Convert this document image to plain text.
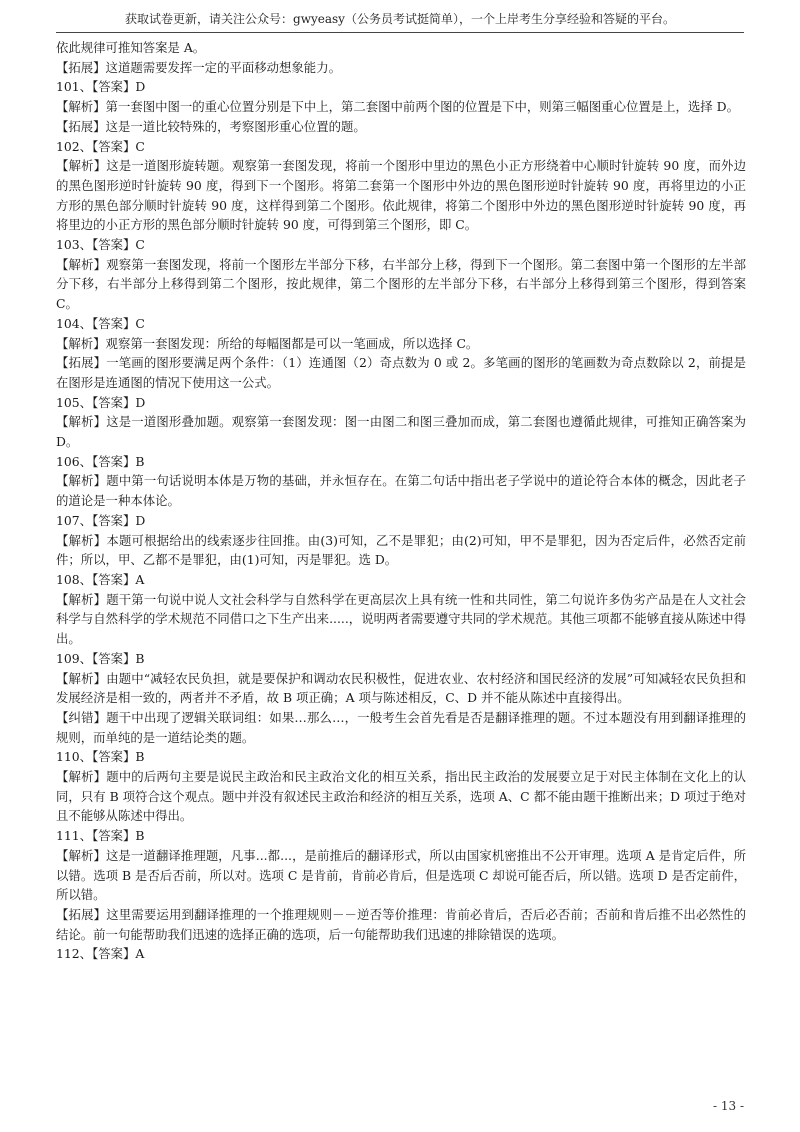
获取试卷更新，请关注公众号：gwyeasy（公务员考试挺简单），一个上岸考生分享经验和答疑的平台。

依此规律可推知答案是 A。

【拓展】这道题需要发挥一定的平面移动想象能力。

101、【答案】D

【解析】第一套图中图一的重心位置分别是下中上，第二套图中前两个图的位置是下中，则第三幅图重心位置是上，选择 D。

【拓展】这是一道比较特殊的，考察图形重心位置的题。

102、【答案】C

【解析】这是一道图形旋转题。观察第一套图发现，将前一个图形中里边的黑色小正方形绕着中心顺时针旋转 90 度，而外边的黑色图形逆时针旋转 90 度，得到下一个图形。将第二套第一个图形中外边的黑色图形逆时针旋转 90 度，再将里边的小正方形的黑色部分顺时针旋转 90 度，这样得到第二个图形。依此规律，将第二个图形中外边的黑色图形逆时针旋转 90 度，再将里边的小正方形的黑色部分顺时针旋转 90 度，可得到第三个图形，即 C。

103、【答案】C

【解析】观察第一套图发现，将前一个图形左半部分下移，右半部分上移，得到下一个图形。第二套图中第一个图形的左半部分下移，右半部分上移得到第二个图形，按此规律，第二个图形的左半部分下移，右半部分上移得到第三个图形，得到答案 C。

104、【答案】C

【解析】观察第一套图发现：所给的每幅图都是可以一笔画成，所以选择 C。

【拓展】一笔画的图形要满足两个条件：（1）连通图（2）奇点数为 0 或 2。多笔画的图形的笔画数为奇点数除以 2，前提是在图形是连通图的情况下使用这一公式。

105、【答案】D

【解析】这是一道图形叠加题。观察第一套图发现：图一由图二和图三叠加而成，第二套图也遵循此规律，可推知正确答案为 D。

106、【答案】B

【解析】题中第一句话说明本体是万物的基础，并永恒存在。在第二句话中指出老子学说中的道论符合本体的概念，因此老子的道论是一种本体论。

107、【答案】D

【解析】本题可根据给出的线索逐步往回推。由(3)可知，乙不是罪犯；由(2)可知，甲不是罪犯，因为否定后件，必然否定前件；所以，甲、乙都不是罪犯，由(1)可知，丙是罪犯。选 D。

108、【答案】A

【解析】题干第一句说中说人文社会科学与自然科学在更高层次上具有统一性和共同性，第二句说许多伪劣产品是在人文社会科学与自然科学的学术规范不同借口之下生产出来.....，说明两者需要遵守共同的学术规范。其他三项都不能够直接从陈述中得出。

109、【答案】B

【解析】由题中“减轻农民负担，就是要保护和调动农民积极性，促进农业、农村经济和国民经济的发展”可知减轻农民负担和发展经济是相一致的，两者并不矛盾，故 B 项正确；A 项与陈述相反，C、D 并不能从陈述中直接得出。

【纠错】题干中出现了逻辑关联词组：如果…那么…，一般考生会首先看是否是翻译推理的题。不过本题没有用到翻译推理的规则，而单纯的是一道结论类的题。

110、【答案】B

【解析】题中的后两句主要是说民主政治和民主政治文化的相互关系，指出民主政治的发展要立足于对民主体制在文化上的认同，只有 B 项符合这个观点。题中并没有叙述民主政治和经济的相互关系，选项 A、C 都不能由题干推断出来；D 项过于绝对且不能够从陈述中得出。

111、【答案】B

【解析】这是一道翻译推理题，凡事...都...，是前推后的翻译形式，所以由国家机密推出不公开审理。选项 A 是肯定后件，所以错。选项 B 是否后否前，所以对。选项 C 是肯前，肯前必肯后，但是选项 C 却说可能否后，所以错。选项 D 是否定前件，所以错。

【拓展】这里需要运用到翻译推理的一个推理规则－－逆否等价推理：肯前必肯后，否后必否前；否前和肯后推不出必然性的结论。前一句能帮助我们迅速的选择正确的选项，后一句能帮助我们迅速的排除错误的选项。

112、【答案】A

- 13 -
